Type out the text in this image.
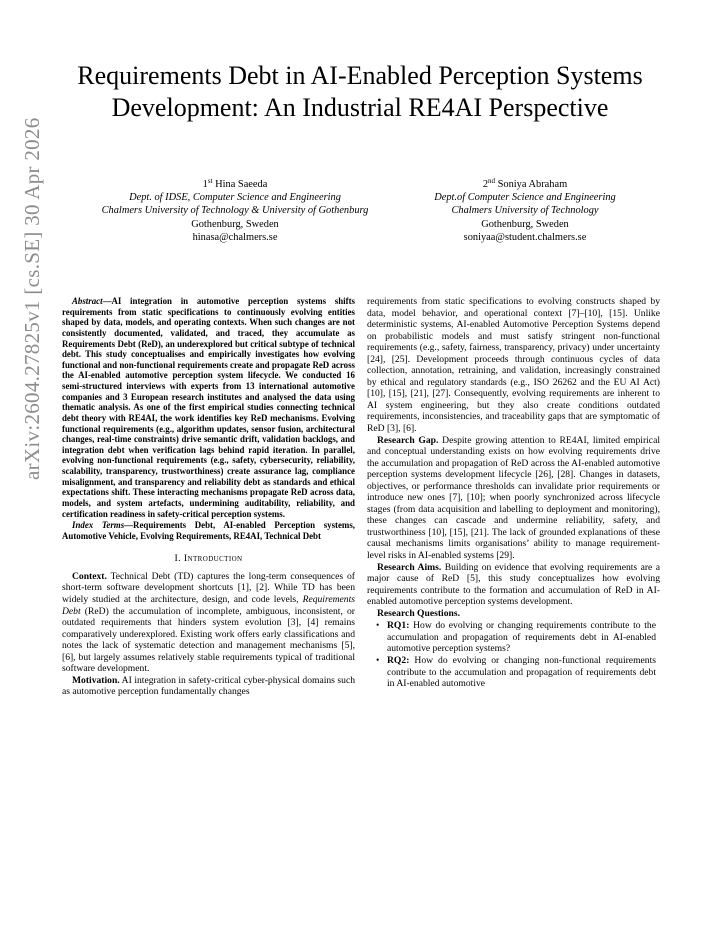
arXiv:2604.27825v1 [cs.SE] 30 Apr 2026
Requirements Debt in AI-Enabled Perception Systems Development: An Industrial RE4AI Perspective
1st Hina Saeeda
Dept. of IDSE, Computer Science and Engineering
Chalmers University of Technology & University of Gothenburg
Gothenburg, Sweden
hinasa@chalmers.se
2nd Soniya Abraham
Dept.of Computer Science and Engineering
Chalmers University of Technology
Gothenburg, Sweden
soniyaa@student.chalmers.se

Abstract—AI integration in automotive perception systems shifts requirements from static specifications to continuously evolving entities shaped by data, models, and operating contexts. When such changes are not consistently documented, validated, and traced, they accumulate as Requirements Debt (ReD), an underexplored but critical subtype of technical debt. This study conceptualises and empirically investigates how evolving functional and non-functional requirements create and propagate ReD across the AI-enabled automotive perception system lifecycle. We conducted 16 semi-structured interviews with experts from 13 international automotive companies and 3 European research institutes and analysed the data using thematic analysis. As one of the first empirical studies connecting technical debt theory with RE4AI, the work identifies key ReD mechanisms. Evolving functional requirements (e.g., algorithm updates, sensor fusion, architectural changes, real-time constraints) drive semantic drift, validation backlogs, and integration debt when verification lags behind rapid iteration. In parallel, evolving non-functional requirements (e.g., safety, cybersecurity, reliability, scalability, transparency, trustworthiness) create assurance lag, compliance misalignment, and transparency and reliability debt as standards and ethical expectations shift. These interacting mechanisms propagate ReD across data, models, and system artefacts, undermining auditability, reliability, and certification readiness in safety-critical perception systems.

Index Terms—Requirements Debt, AI-enabled Perception systems, Automotive Vehicle, Evolving Requirements, RE4AI, Technical Debt

I. Introduction

Context. Technical Debt (TD) captures the long-term consequences of short-term software development shortcuts [1], [2]. While TD has been widely studied at the architecture, design, and code levels, Requirements Debt (ReD) the accumulation of incomplete, ambiguous, inconsistent, or outdated requirements that hinders system evolution [3], [4] remains comparatively underexplored. Existing work offers early classifications and notes the lack of systematic detection and management mechanisms [5], [6], but largely assumes relatively stable requirements typical of traditional software development.

Motivation. AI integration in safety-critical cyber-physical domains such as automotive perception fundamentally changes

requirements from static specifications to evolving constructs shaped by data, model behavior, and operational context [7]–[10], [15]. Unlike deterministic systems, AI-enabled Automotive Perception Systems depend on probabilistic models and must satisfy stringent non-functional requirements (e.g., safety, fairness, transparency, privacy) under uncertainty [24], [25]. Development proceeds through continuous cycles of data collection, annotation, retraining, and validation, increasingly constrained by ethical and regulatory standards (e.g., ISO 26262 and the EU AI Act) [10], [15], [21], [27]. Consequently, evolving requirements are inherent to AI system engineering, but they also create conditions outdated requirements, inconsistencies, and traceability gaps that are symptomatic of ReD [3], [6].

Research Gap. Despite growing attention to RE4AI, limited empirical and conceptual understanding exists on how evolving requirements drive the accumulation and propagation of ReD across the AI-enabled automotive perception systems development lifecycle [26], [28]. Changes in datasets, objectives, or performance thresholds can invalidate prior requirements or introduce new ones [7], [10]; when poorly synchronized across lifecycle stages (from data acquisition and labelling to deployment and monitoring), these changes can cascade and undermine reliability, safety, and trustworthiness [10], [15], [21]. The lack of grounded explanations of these causal mechanisms limits organisations’ ability to manage requirement-level risks in AI-enabled systems [29].

Research Aims. Building on evidence that evolving requirements are a major cause of ReD [5], this study conceptualizes how evolving requirements contribute to the formation and accumulation of ReD in AI-enabled automotive perception systems development.

Research Questions.

• RQ1: How do evolving or changing requirements contribute to the accumulation and propagation of requirements debt in AI-enabled automotive perception systems?
• RQ2: How do evolving or changing non-functional requirements contribute to the accumulation and propagation of requirements debt in AI-enabled automotive
